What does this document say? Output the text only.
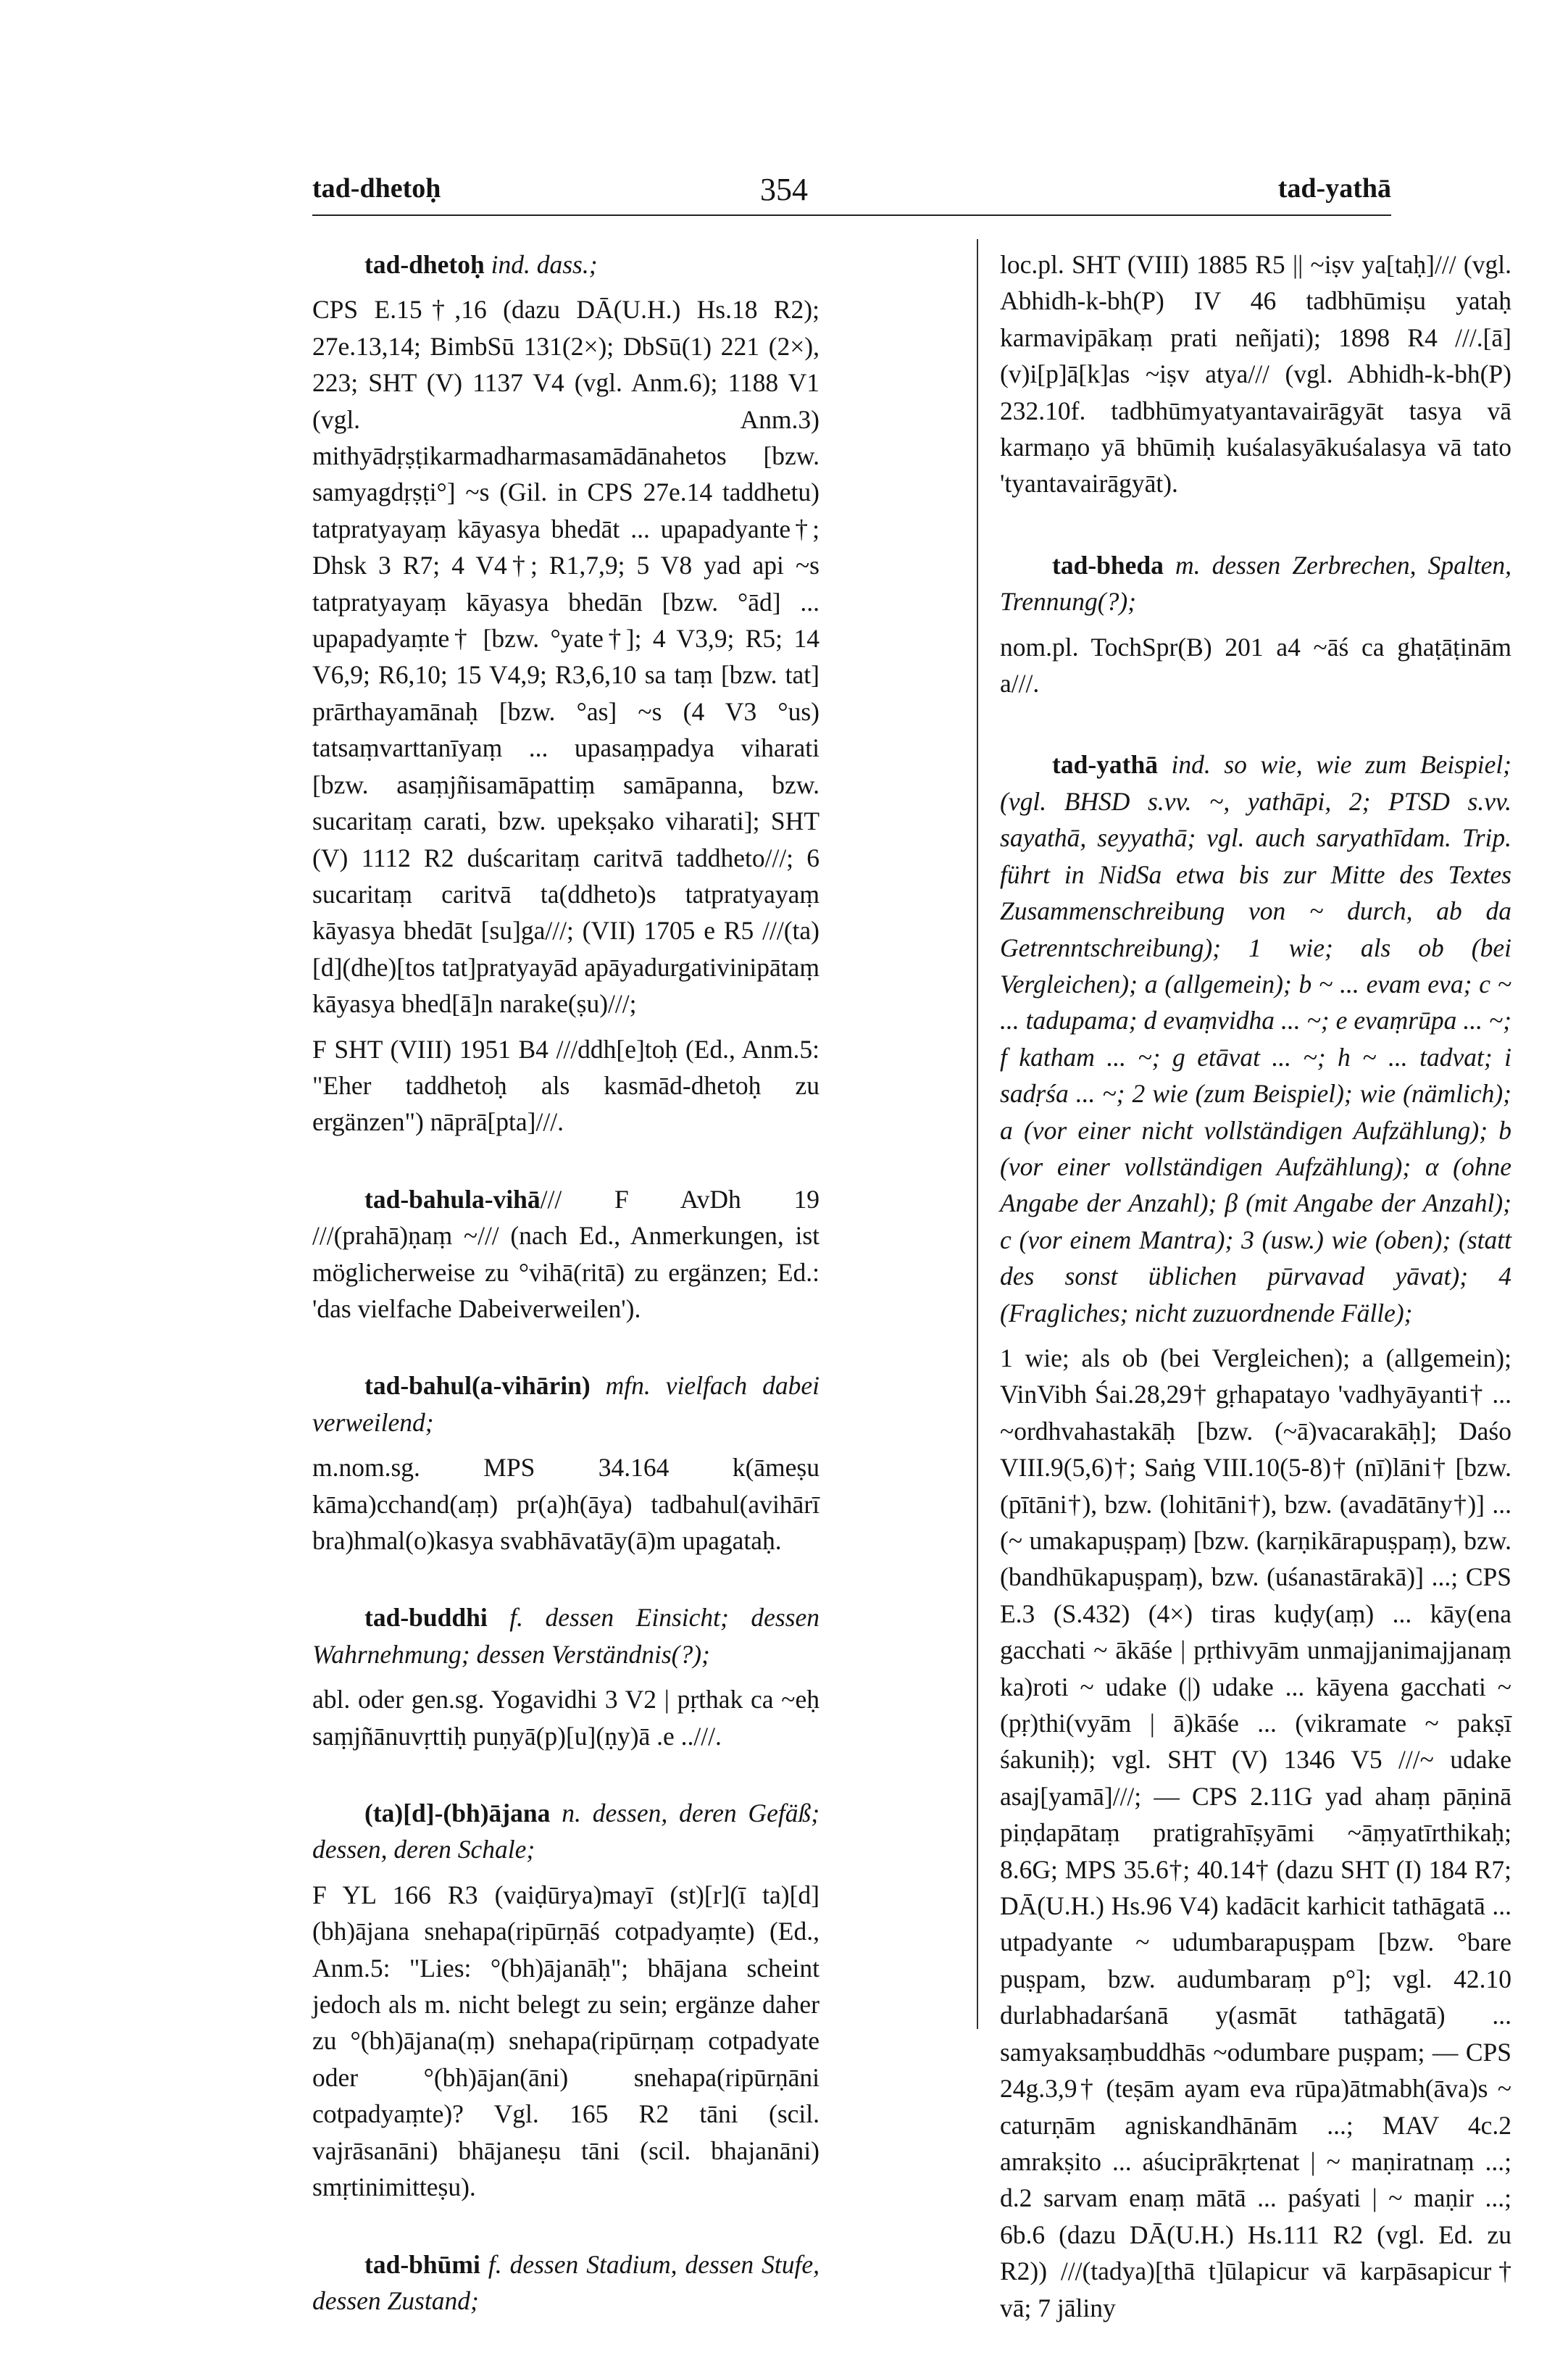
tad-dhetoḥ	354	tad-yathā

tad-dhetoḥ ind. dass.;

CPS E.15†,16 (dazu DĀ(U.H.) Hs.18 R2); 27e.13,14; BimbSū 131(2×); DbSū(1) 221 (2×), 223; SHT (V) 1137 V4 (vgl. Anm.6); 1188 V1 (vgl. Anm.3) mithyādṛṣṭikarmadharmasamādānahetos [bzw. samyagdṛṣṭi°] ~s (Gil. in CPS 27e.14 taddhetu) tatpratyayaṃ kāyasya bhedāt ... upapadyante†; Dhsk 3 R7; 4 V4†; R1,7,9; 5 V8 yad api ~s tatpratyayaṃ kāyasya bhedān [bzw. °ād] ... upapadyaṃte† [bzw. °yate†]; 4 V3,9; R5; 14 V6,9; R6,10; 15 V4,9; R3,6,10 sa taṃ [bzw. tat] prārthayamānaḥ [bzw. °as] ~s (4 V3 °us) tatsaṃvarttanīyaṃ ... upasaṃpadya viharati [bzw. asaṃjñisamāpattiṃ samāpanna, bzw. sucaritaṃ carati, bzw. upekṣako viharati]; SHT (V) 1112 R2 duścaritaṃ caritvā taddheto///; 6 sucaritaṃ caritvā ta(ddheto)s tatpratyayaṃ kāyasya bhedāt [su]ga///; (VII) 1705 e R5 ///(ta)[d](dhe)[tos tat]pratyayād apāyadurgativinipātaṃ kāyasya bhed[ā]n narake(ṣu)///;

F SHT (VIII) 1951 B4 ///ddh[e]toḥ (Ed., Anm.5: "Eher taddhetoḥ als kasmād-dhetoḥ zu ergänzen") nāprā[pta]///.

tad-bahula-vihā/// F AvDh 19 ///(prahā)ṇaṃ ~/// (nach Ed., Anmerkungen, ist möglicherweise zu °vihā(ritā) zu ergänzen; Ed.: 'das vielfache Dabeiverweilen').

tad-bahul(a-vihārin) mfn. vielfach dabei verweilend;

m.nom.sg. MPS 34.164 k(āmeṣu kāma)cchand(aṃ) pr(a)h(āya) tadbahul(avihārī bra)hmal(o)kasya svabhāvatāy(ā)m upagataḥ.

tad-buddhi f. dessen Einsicht; dessen Wahrnehmung; dessen Verständnis(?);

abl. oder gen.sg. Yogavidhi 3 V2 | pṛthak ca ~eḥ saṃjñānuvṛttiḥ puṇyā(p)[u](ṇy)ā .e ..///.

(ta)[d]-(bh)ājana n. dessen, deren Gefäß; dessen, deren Schale;

F YL 166 R3 (vaiḍūrya)mayī (st)[r](ī ta)[d](bh)ājana snehapa(ripūrṇāś cotpadyaṃte) (Ed., Anm.5: "Lies: °(bh)ājanāḥ"; bhājana scheint jedoch als m. nicht belegt zu sein; ergänze daher zu °(bh)ājana(ṃ) snehapa(ripūrṇaṃ cotpadyate oder °(bh)ājan(āni) snehapa(ripūrṇāni cotpadyaṃte)? Vgl. 165 R2 tāni (scil. vajrāsanāni) bhājaneṣu tāni (scil. bhajanāni) smṛtinimitteṣu).

tad-bhūmi f. dessen Stadium, dessen Stufe, dessen Zustand;

loc.pl. SHT (VIII) 1885 R5 || ~iṣv ya[taḥ]/// (vgl. Abhidh-k-bh(P) IV 46 tadbhūmiṣu yataḥ karmavipākaṃ prati neñjati); 1898 R4 ///.[ā](v)i[p]ā[k]as ~iṣv atya/// (vgl. Abhidh-k-bh(P) 232.10f. tadbhūmyatyantavairāgyāt tasya vā karmaṇo yā bhūmiḥ kuśalasyākuśalasya vā tato 'tyantavairāgyāt).

tad-bheda m. dessen Zerbrechen, Spalten, Trennung(?);

nom.pl. TochSpr(B) 201 a4 ~āś ca ghaṭāṭinām a///.

tad-yathā ind. so wie, wie zum Beispiel; (vgl. BHSD s.vv. ~, yathāpi, 2; PTSD s.vv. sayathā, seyyathā; vgl. auch saryathīdam. Trip. führt in NidSa etwa bis zur Mitte des Textes Zusammenschreibung von ~ durch, ab da Getrenntschreibung); 1 wie; als ob (bei Vergleichen); a (allgemein); b ~ ... evam eva; c ~ ... tadupama; d evaṃvidha ... ~; e evaṃrūpa ... ~; f katham ... ~; g etāvat ... ~; h ~ ... tadvat; i sadṛśa ... ~; 2 wie (zum Beispiel); wie (nämlich); a (vor einer nicht vollständigen Aufzählung); b (vor einer vollständigen Aufzählung); α (ohne Angabe der Anzahl); β (mit Angabe der Anzahl); c (vor einem Mantra); 3 (usw.) wie (oben); (statt des sonst üblichen pūrvavad yāvat); 4 (Fragliches; nicht zuzuordnende Fälle);

1 wie; als ob (bei Vergleichen); a (allgemein); VinVibh Śai.28,29† gṛhapatayo 'vadhyāyanti† ... ~ordhvahastakāḥ [bzw. (~ā)vacarakāḥ]; Daśo VIII.9(5,6)†; Saṅg VIII.10(5-8)† (nī)lāni† [bzw. (pītāni†), bzw. (lohitāni†), bzw. (avadātāny†)] ... (~ umakapuṣpaṃ) [bzw. (karṇikārapuṣpaṃ), bzw. (bandhūkapuṣpaṃ), bzw. (uśanastārakā)] ...; CPS E.3 (S.432) (4×) tiras kuḍy(aṃ) ... kāy(ena gacchati ~ ākāśe | pṛthivyām unmajjanimajjanaṃ ka)roti ~ udake (|) udake ... kāyena gacchati ~ (pṛ)thi(vyām | ā)kāśe ... (vikramate ~ pakṣī śakuniḥ); vgl. SHT (V) 1346 V5 ///~ udake asaj[yamā]///; — CPS 2.11G yad ahaṃ pāṇinā piṇḍapātaṃ pratigrahīṣyāmi ~āṃyatīrthikaḥ; 8.6G; MPS 35.6†; 40.14† (dazu SHT (I) 184 R7; DĀ(U.H.) Hs.96 V4) kadācit karhicit tathāgatā ... utpadyante ~ udumbarapuṣpam [bzw. °bare puṣpam, bzw. audumbaraṃ p°]; vgl. 42.10 durlabhadarśanā y(asmāt tathāgatā) ... samyaksaṃbuddhās ~odumbare puṣpam; — CPS 24g.3,9† (teṣām ayam eva rūpa)ātmabh(āva)s ~ caturṇām agniskandhānām ...; MAV 4c.2 amrakṣito ... aśuciprākṛtenat | ~ maṇiratnaṃ ...; d.2 sarvam enaṃ mātā ... paśyati | ~ maṇir ...; 6b.6 (dazu DĀ(U.H.) Hs.111 R2 (vgl. Ed. zu R2)) ///(tadya)[thā t]ūlapicur vā karpāsapicur† vā; 7 jāliny
